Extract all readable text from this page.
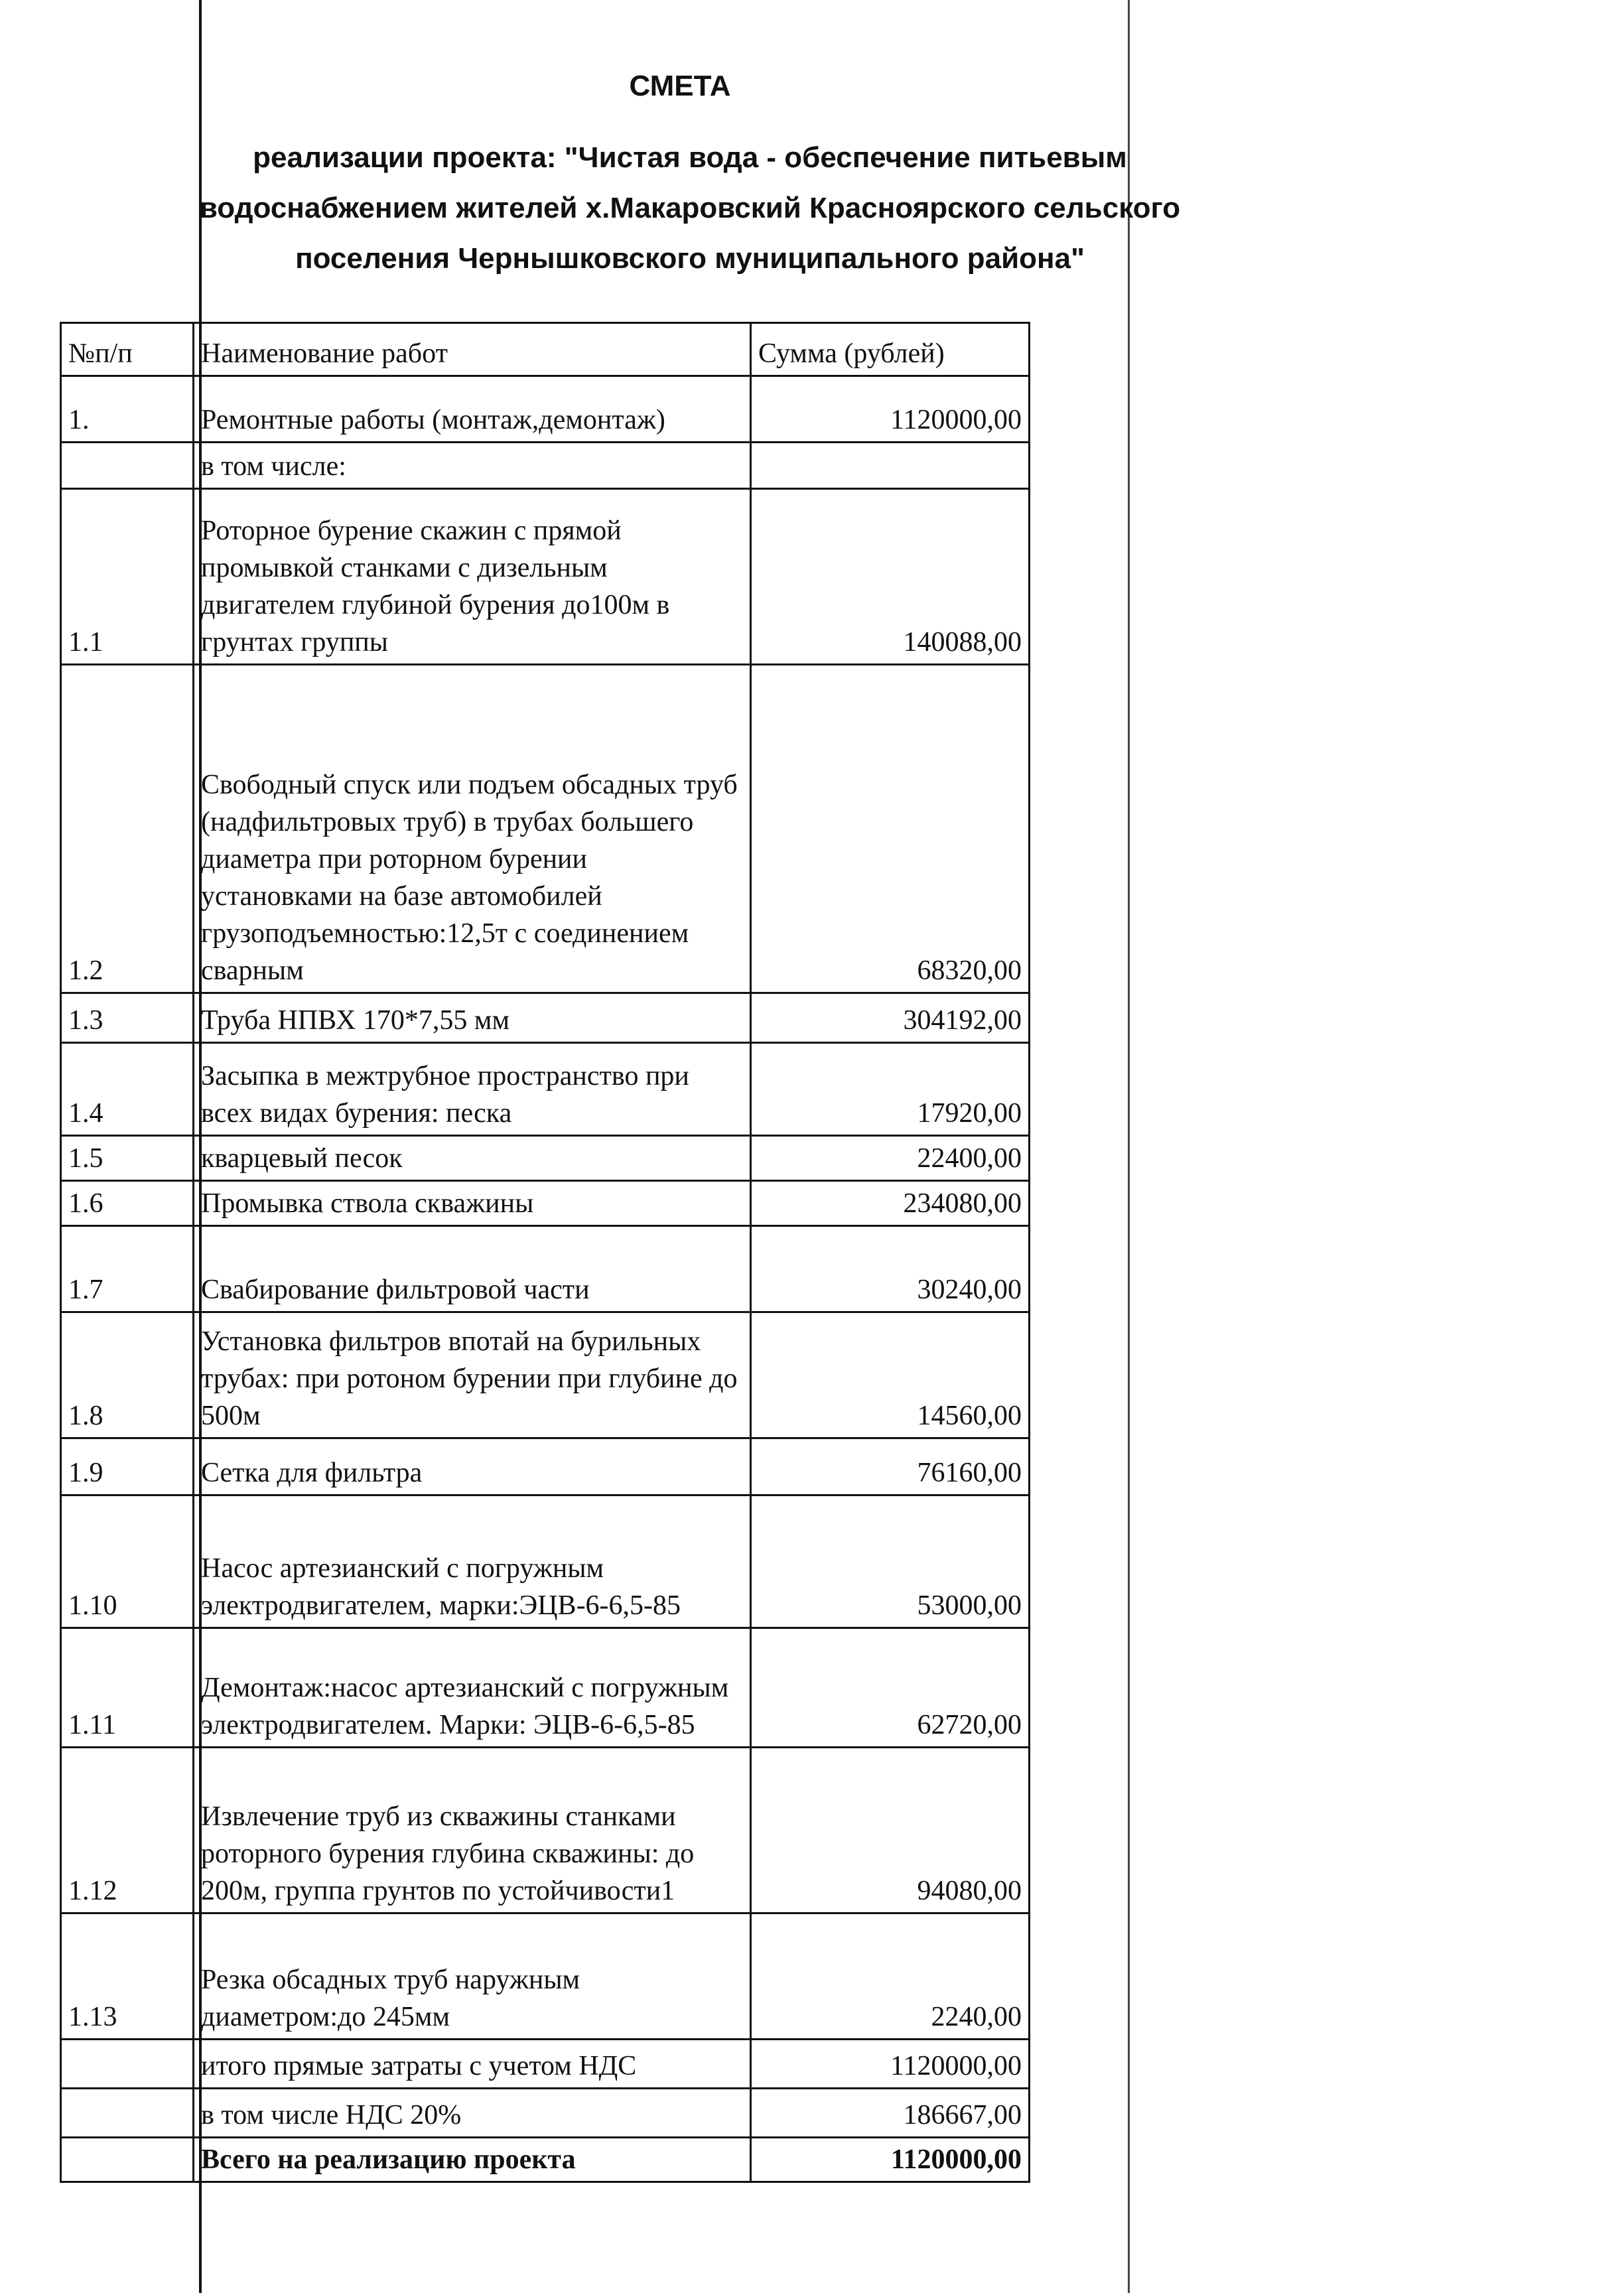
СМЕТА
реализации проекта: "Чистая вода - обеспечение питьевым
водоснабжением жителей х.Макаровский Красноярского сельского
поселения Чернышковского муниципального района"
№п/п	Наименование работ	Сумма (рублей)
1.	Ремонтные работы (монтаж,демонтаж)	1120000,00
	в том числе:	
1.1	Роторное бурение скажин с прямой промывкой станками с дизельным двигателем глубиной бурения до100м в грунтах группы	140088,00
1.2	Свободный спуск или подъем обсадных труб (надфильтровых труб) в трубах большего диаметра при роторном бурении установками на базе автомобилей грузоподъемностью:12,5т с соединением сварным	68320,00
1.3	Труба НПВХ 170*7,55 мм	304192,00
1.4	Засыпка в межтрубное пространство при всех видах бурения: песка	17920,00
1.5	кварцевый песок	22400,00
1.6	Промывка ствола скважины	234080,00
1.7	Свабирование фильтровой части	30240,00
1.8	Установка фильтров впотай на бурильных трубах: при ротоном бурении при глубине до 500м	14560,00
1.9	Сетка для фильтра	76160,00
1.10	Насос артезианский с погружным электродвигателем, марки:ЭЦВ-6-6,5-85	53000,00
1.11	Демонтаж:насос артезианский с погружным электродвигателем. Марки: ЭЦВ-6-6,5-85	62720,00
1.12	Извлечение труб из скважины станками роторного бурения глубина скважины: до 200м, группа грунтов по устойчивости1	94080,00
1.13	Резка обсадных труб наружным диаметром:до 245мм	2240,00
	итого прямые затраты с учетом НДС	1120000,00
	в том числе НДС 20%	186667,00
	Всего на реализацию проекта	1120000,00
